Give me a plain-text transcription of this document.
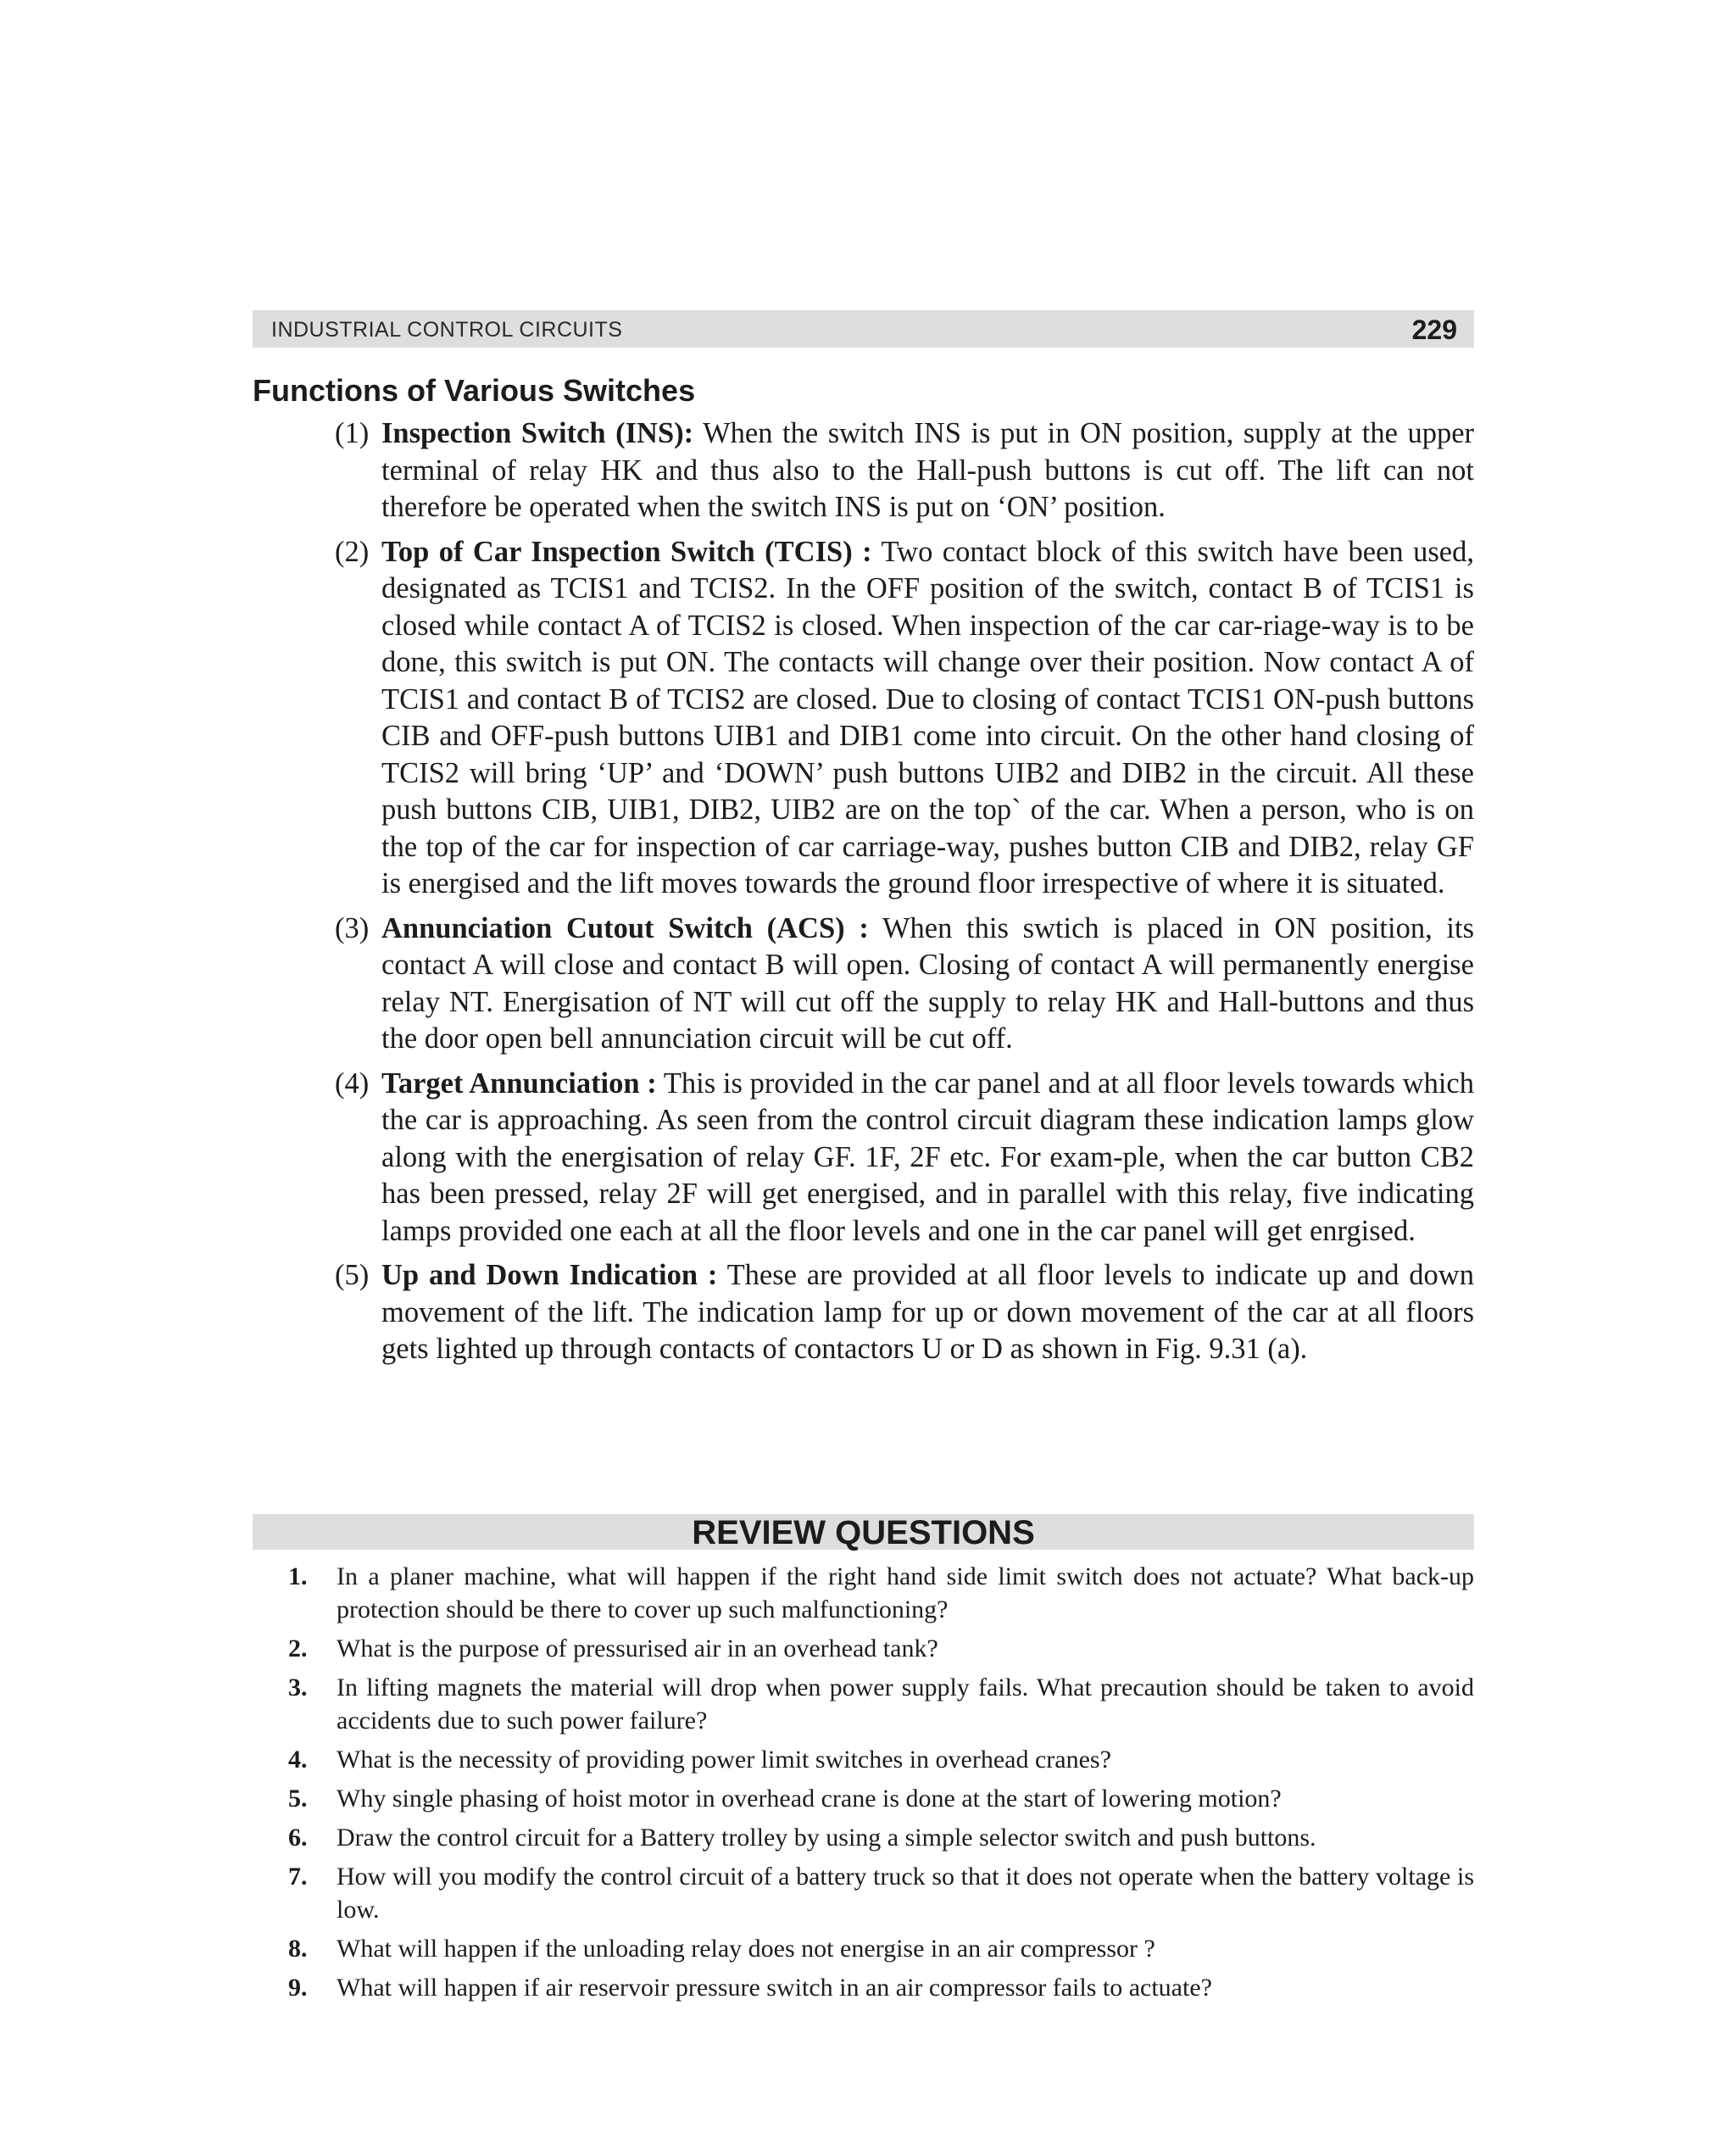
INDUSTRIAL CONTROL CIRCUITS	229
Functions of Various Switches
(1) Inspection Switch (INS): When the switch INS is put in ON position, supply at the upper terminal of relay HK and thus also to the Hall-push buttons is cut off. The lift can not therefore be operated when the switch INS is put on ‘ON’ position.
(2) Top of Car Inspection Switch (TCIS) : Two contact block of this switch have been used, designated as TCIS1 and TCIS2. In the OFF position of the switch, contact B of TCIS1 is closed while contact A of TCIS2 is closed. When inspection of the car car-riage-way is to be done, this switch is put ON. The contacts will change over their position. Now contact A of TCIS1 and contact B of TCIS2 are closed. Due to closing of contact TCIS1 ON-push buttons CIB and OFF-push buttons UIB1 and DIB1 come into circuit. On the other hand closing of TCIS2 will bring ‘UP’ and ‘DOWN’ push buttons UIB2 and DIB2 in the circuit. All these push buttons CIB, UIB1, DIB2, UIB2 are on the top` of the car. When a person, who is on the top of the car for inspection of car carriage-way, pushes button CIB and DIB2, relay GF is energised and the lift moves towards the ground floor irrespective of where it is situated.
(3) Annunciation Cutout Switch (ACS) : When this swtich is placed in ON position, its contact A will close and contact B will open. Closing of contact A will permanently energise relay NT. Energisation of NT will cut off the supply to relay HK and Hall-buttons and thus the door open bell annunciation circuit will be cut off.
(4) Target Annunciation : This is provided in the car panel and at all floor levels towards which the car is approaching. As seen from the control circuit diagram these indication lamps glow along with the energisation of relay GF. 1F, 2F etc. For exam-ple, when the car button CB2 has been pressed, relay 2F will get energised, and in parallel with this relay, five indicating lamps provided one each at all the floor levels and one in the car panel will get enrgised.
(5) Up and Down Indication : These are provided at all floor levels to indicate up and down movement of the lift. The indication lamp for up or down movement of the car at all floors gets lighted up through contacts of contactors U or D as shown in Fig. 9.31 (a).
REVIEW QUESTIONS
1. In a planer machine, what will happen if the right hand side limit switch does not actuate? What back-up protection should be there to cover up such malfunctioning?
2. What is the purpose of pressurised air in an overhead tank?
3. In lifting magnets the material will drop when power supply fails. What precaution should be taken to avoid accidents due to such power failure?
4. What is the necessity of providing power limit switches in overhead cranes?
5. Why single phasing of hoist motor in overhead crane is done at the start of lowering motion?
6. Draw the control circuit for a Battery trolley by using a simple selector switch and push buttons.
7. How will you modify the control circuit of a battery truck so that it does not operate when the battery voltage is low.
8. What will happen if the unloading relay does not energise in an air compressor ?
9. What will happen if air reservoir pressure switch in an air compressor fails to actuate?
